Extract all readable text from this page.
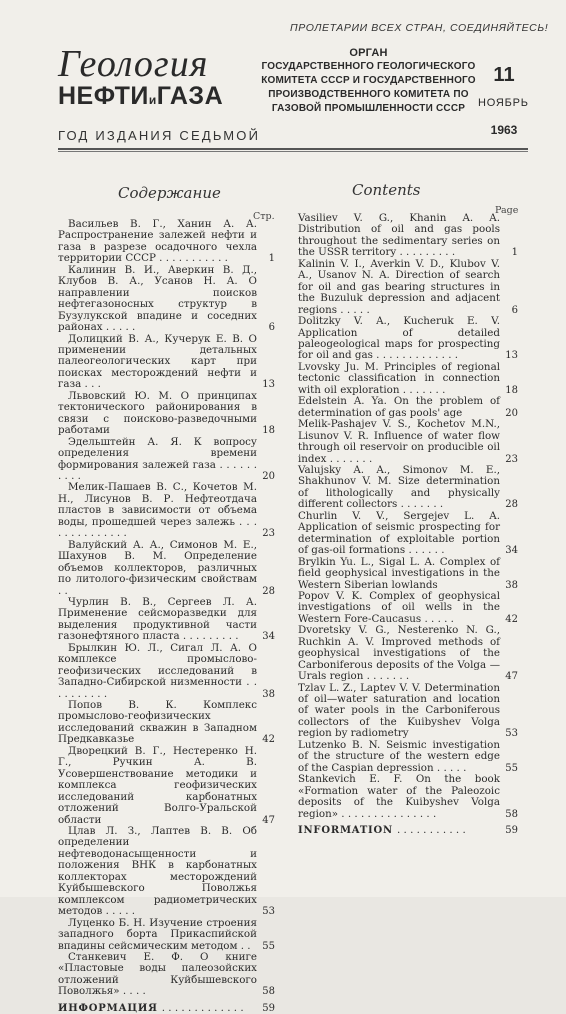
ПРОЛЕТАРИИ ВСЕХ СТРАН, СОЕДИНЯЙТЕСЬ!
Геология
НЕФТИиГАЗА
ОРГАН
ГОСУДАРСТВЕННОГО ГЕОЛОГИЧЕСКОГО
КОМИТЕТА СССР И ГОСУДАРСТВЕННОГО
ПРОИЗВОДСТВЕННОГО КОМИТЕТА ПО
ГАЗОВОЙ ПРОМЫШЛЕННОСТИ СССР
11
НОЯБРЬ
1963
ГОД ИЗДАНИЯ СЕДЬМОЙ
Содержание	Contents
Стр.
Page
Васильев В. Г., Ханин А. А. Распространение залежей нефти и газа в разрезе осадочного чехла территории СССР . . . . . . . . . . .	1
Калинин В. И., Аверкин В. Д., Клубов В. А., Усанов Н. А. О направлении поисков нефтегазоносных структур в Бузулукской впадине и соседних районах . . . . .	6
Долицкий В. А., Кучерук Е. В. О применении детальных палеогеологических карт при поисках месторождений нефти и газа . . .	13
Львовский Ю. М. О принципах тектонического районирования в связи с поисково-разведочными работами	18
Эдельштейн А. Я. К вопросу определения времени формирования залежей газа . . . . . . . . . .	20
Мелик-Пашаев В. С., Кочетов М. Н., Лисунов В. Р. Нефтеотдача пластов в зависимости от объема воды, прошедшей через залежь . . . . . . . . . . . . . .	23
Валуйский А. А., Симонов М. Е., Шахунов В. М. Определение объемов коллекторов, различных по литолого-физическим свойствам . .	28
Чурлин В. В., Сергеев Л. А. Применение сейсморазведки для выделения продуктивной части газонефтяного пласта . . . . . . . . .	34
Брылкин Ю. Л., Сигал Л. А. О комплексе промыслово-геофизических исследований в Западно-Сибирской низменности . . . . . . . . . .	38
Попов В. К. Комплекс промыслово-геофизических исследований скважин в Западном Предкавказье	42
Дворецкий В. Г., Нестеренко Н. Г., Ручкин А. В. Усовершенствование методики и комплекса геофизических исследований карбонатных отложений Волго-Уральской области	47
Цлав Л. З., Лаптев В. В. Об определении нефтеводонасыщенности и положения ВНК в карбонатных коллекторах месторождений Куйбышевского Поволжья комплексом радиометрических методов . . . . .	53
Луценко Б. Н. Изучение строения западного борта Прикаспийской впадины сейсмическим методом . .	55
Станкевич Е. Ф. О книге «Пластовые воды палеозойских отложений Куйбышевского Поволжья» . . . .	58
ИНФОРМАЦИЯ . . . . . . . . . . . . . 59
Vasiliev V. G., Khanin A. A. Distribution of oil and gas pools throughout the sedimentary series on the USSR territory . . . . . . . . .	1
Kalinin V. I., Averkin V. D., Klubov V. A., Usanov N. A. Direction of search for oil and gas bearing structures in the Buzuluk depression and adjacent regions . . . . .	6
Dolitzky V. A., Kucheruk E. V. Application of detailed paleogeological maps for prospecting for oil and gas . . . . . . . . . . . . .	13
Lvovsky Ju. M. Principles of regional tectonic classification in connection with oil exploration . . . . . . .	18
Edelstein A. Ya. On the problem of determination of gas pools' age	20
Melik-Pashajev V. S., Kochetov M.N., Lisunov V. R. Influence of water flow through oil reservoir on producible oil index . . . . . . .	23
Valujsky A. A., Simonov M. E., Shakhunov V. M. Size determination of lithologically and physically different collectors . . . . . . .	28
Churlin V. V., Sergejev L. A. Application of seismic prospecting for determination of exploitable portion of gas-oil formations . . . . . .	34
Brylkin Yu. L., Sigal L. A. Complex of field geophysical investigations in the Western Siberian lowlands	38
Popov V. K. Complex of geophysical investigations of oil wells in the Western Fore-Caucasus . . . . .	42
Dvoretsky V. G., Nesterenko N. G., Ruchkin A. V. Improved methods of geophysical investigations of the Carboniferous deposits of the Volga — Urals region . . . . . . .	47
Tzlav L. Z., Laptev V. V. Determination of oil—water saturation and location of water pools in the Carboniferous collectors of the Kuibyshev Volga region by radiometry	53
Lutzenko B. N. Seismic investigation of the structure of the western edge of the Caspian depression . . . . .	55
Stankevich E. F. On the book «Formation water of the Paleozoic deposits of the Kuibyshev Volga region» . . . . . . . . . . . . . . .	58
INFORMATION . . . . . . . . . . .	59
